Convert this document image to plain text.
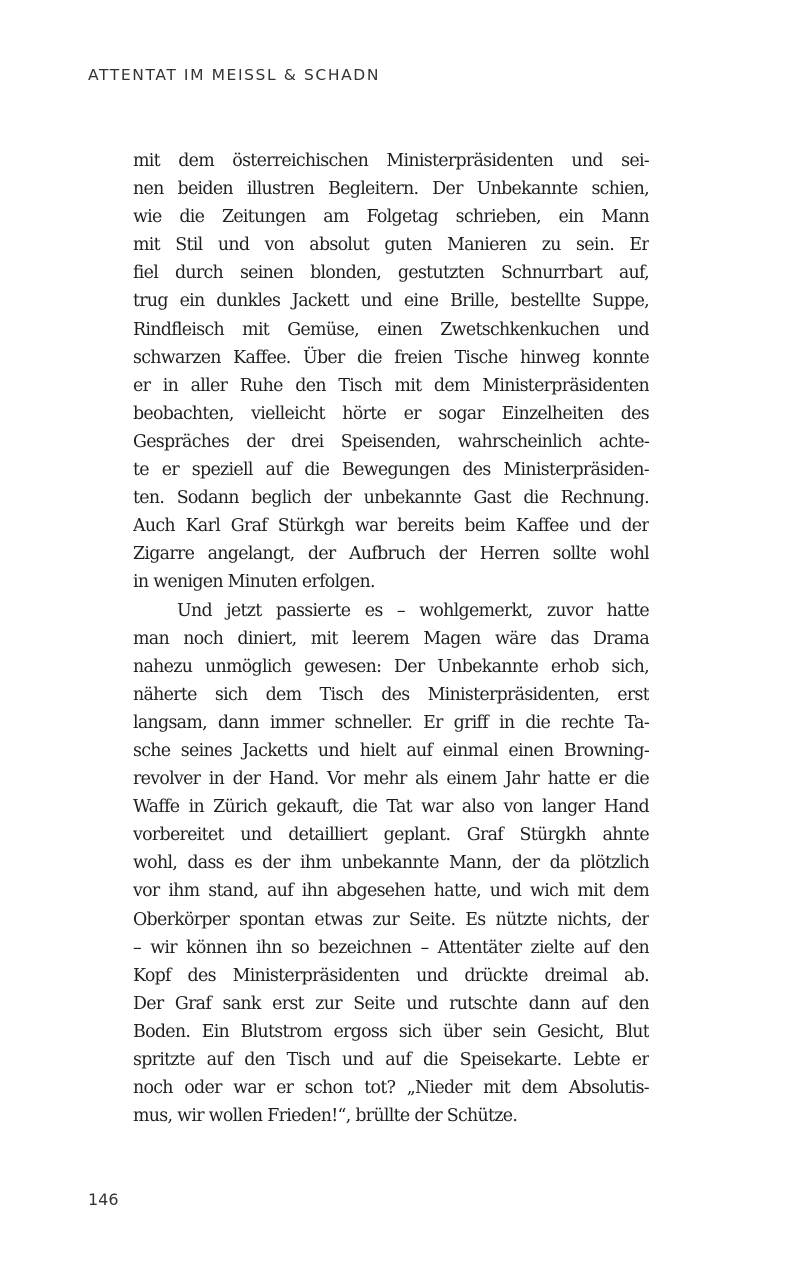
ATTENTAT IM MEISSL & SCHADN
mit dem österreichischen Ministerpräsidenten und sei-
nen beiden illustren Begleitern. Der Unbekannte schien,
wie die Zeitungen am Folgetag schrieben, ein Mann
mit Stil und von absolut guten Manieren zu sein. Er
fiel durch seinen blonden, gestutzten Schnurrbart auf,
trug ein dunkles Jackett und eine Brille, bestellte Suppe,
Rindfleisch mit Gemüse, einen Zwetschkenkuchen und
schwarzen Kaffee. Über die freien Tische hinweg konnte
er in aller Ruhe den Tisch mit dem Ministerpräsidenten
beobachten, vielleicht hörte er sogar Einzelheiten des
Gespräches der drei Speisenden, wahrscheinlich achte-
te er speziell auf die Bewegungen des Ministerpräsiden-
ten. Sodann beglich der unbekannte Gast die Rechnung.
Auch Karl Graf Stürkgh war bereits beim Kaffee und der
Zigarre angelangt, der Aufbruch der Herren sollte wohl
in wenigen Minuten erfolgen.
Und jetzt passierte es – wohlgemerkt, zuvor hatte
man noch diniert, mit leerem Magen wäre das Drama
nahezu unmöglich gewesen: Der Unbekannte erhob sich,
näherte sich dem Tisch des Ministerpräsidenten, erst
langsam, dann immer schneller. Er griff in die rechte Ta-
sche seines Jacketts und hielt auf einmal einen Browning-
revolver in der Hand. Vor mehr als einem Jahr hatte er die
Waffe in Zürich gekauft, die Tat war also von langer Hand
vorbereitet und detailliert geplant. Graf Stürgkh ahnte
wohl, dass es der ihm unbekannte Mann, der da plötzlich
vor ihm stand, auf ihn abgesehen hatte, und wich mit dem
Oberkörper spontan etwas zur Seite. Es nützte nichts, der
– wir können ihn so bezeichnen – Attentäter zielte auf den
Kopf des Ministerpräsidenten und drückte dreimal ab.
Der Graf sank erst zur Seite und rutschte dann auf den
Boden. Ein Blutstrom ergoss sich über sein Gesicht, Blut
spritzte auf den Tisch und auf die Speisekarte. Lebte er
noch oder war er schon tot? „Nieder mit dem Absolutis-
mus, wir wollen Frieden!“, brüllte der Schütze.
146
